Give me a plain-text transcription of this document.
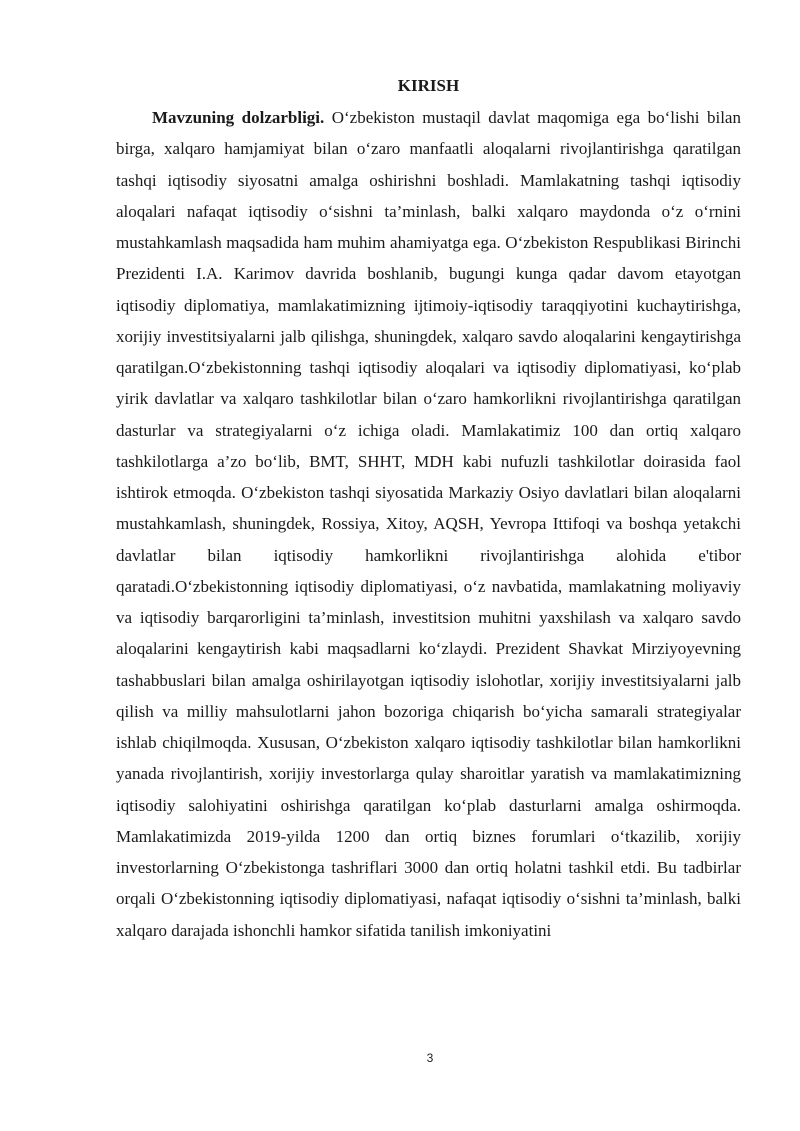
KIRISH

Mavzuning dolzarbligi. O‘zbekiston mustaqil davlat maqomiga ega bo‘lishi bilan birga, xalqaro hamjamiyat bilan o‘zaro manfaatli aloqalarni rivojlantirishga qaratilgan tashqi iqtisodiy siyosatni amalga oshirishni boshladi. Mamlakatning tashqi iqtisodiy aloqalari nafaqat iqtisodiy o‘sishni ta’minlash, balki xalqaro maydonda o‘z o‘rnini mustahkamlash maqsadida ham muhim ahamiyatga ega. O‘zbekiston Respublikasi Birinchi Prezidenti I.A. Karimov davrida boshlanib, bugungi kunga qadar davom etayotgan iqtisodiy diplomatiya, mamlakatimizning ijtimoiy-iqtisodiy taraqqiyotini kuchaytirishga, xorijiy investitsiyalarni jalb qilishga, shuningdek, xalqaro savdo aloqalarini kengaytirishga qaratilgan.O‘zbekistonning tashqi iqtisodiy aloqalari va iqtisodiy diplomatiyasi, ko‘plab yirik davlatlar va xalqaro tashkilotlar bilan o‘zaro hamkorlikni rivojlantirishga qaratilgan dasturlar va strategiyalarni o‘z ichiga oladi. Mamlakatimiz 100 dan ortiq xalqaro tashkilotlarga a’zo bo‘lib, BMT, SHHT, MDH kabi nufuzli tashkilotlar doirasida faol ishtirok etmoqda. O‘zbekiston tashqi siyosatida Markaziy Osiyo davlatlari bilan aloqalarni mustahkamlash, shuningdek, Rossiya, Xitoy, AQSH, Yevropa Ittifoqi va boshqa yetakchi davlatlar bilan iqtisodiy hamkorlikni rivojlantirishga alohida e'tibor qaratadi.O‘zbekistonning iqtisodiy diplomatiyasi, o‘z navbatida, mamlakatning moliyaviy va iqtisodiy barqarorligini ta’minlash, investitsion muhitni yaxshilash va xalqaro savdo aloqalarini kengaytirish kabi maqsadlarni ko‘zlaydi. Prezident Shavkat Mirziyoyevning tashabbuslari bilan amalga oshirilayotgan iqtisodiy islohotlar, xorijiy investitsiyalarni jalb qilish va milliy mahsulotlarni jahon bozoriga chiqarish bo‘yicha samarali strategiyalar ishlab chiqilmoqda. Xususan, O‘zbekiston xalqaro iqtisodiy tashkilotlar bilan hamkorlikni yanada rivojlantirish, xorijiy investorlarga qulay sharoitlar yaratish va mamlakatimizning iqtisodiy salohiyatini oshirishga qaratilgan ko‘plab dasturlarni amalga oshirmoqda. Mamlakatimizda 2019-yilda 1200 dan ortiq biznes forumlari o‘tkazilib, xorijiy investorlarning O‘zbekistonga tashriflari 3000 dan ortiq holatni tashkil etdi. Bu tadbirlar orqali O‘zbekistonning iqtisodiy diplomatiyasi, nafaqat iqtisodiy o‘sishni ta’minlash, balki xalqaro darajada ishonchli hamkor sifatida tanilish imkoniyatini

3
